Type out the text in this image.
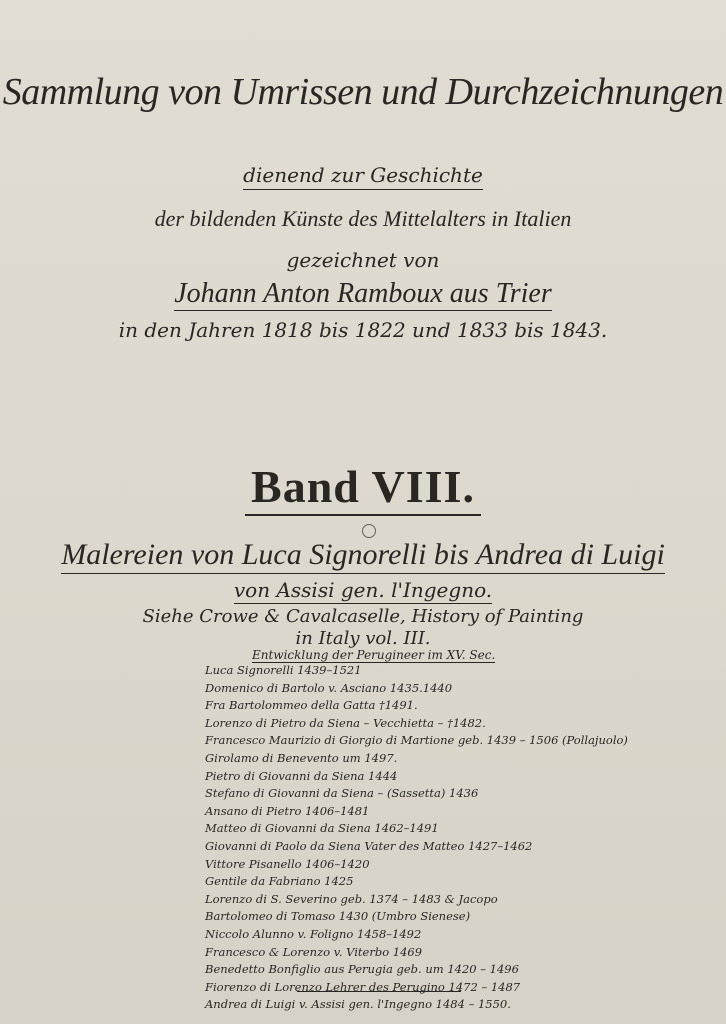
Sammlung von Umrissen und Durchzeichnungen
dienend zur Geschichte
der bildenden Künste des Mittelalters in Italien
gezeichnet von
Johann Anton Ramboux aus Trier
in den Jahren 1818 bis 1822 und 1833 bis 1843.
Band VIII.
Malereien von Luca Signorelli bis Andrea di Luigi
von Assisi gen. l'Ingegno.
Siehe Crowe & Cavalcaselle, History of Painting
in Italy vol. III.
Entwicklung der Perugineer im XV. Sec.
Luca Signorelli 1439–1521
Domenico di Bartolo v. Asciano 1435.1440
Fra Bartolommeo della Gatta †1491.
Lorenzo di Pietro da Siena – Vecchietta – †1482.
Francesco Maurizio di Giorgio di Martione geb. 1439 – 1506 (Pollajuolo)
Girolamo di Benevento um 1497.
Pietro di Giovanni da Siena 1444
Stefano di Giovanni da Siena – (Sassetta) 1436
Ansano di Pietro 1406–1481
Matteo di Giovanni da Siena 1462–1491
Giovanni di Paolo da Siena Vater des Matteo 1427–1462
Vittore Pisanello 1406–1420
Gentile da Fabriano 1425
Lorenzo di S. Severino geb. 1374 – 1483 & Jacopo
Bartolomeo di Tomaso 1430 (Umbro Sienese)
Niccolo Alunno v. Foligno 1458–1492
Francesco & Lorenzo v. Viterbo 1469
Benedetto Bonfiglio aus Perugia geb. um 1420 – 1496
Fiorenzo di Lorenzo Lehrer des Perugino 1472 – 1487
Andrea di Luigi v. Assisi gen. l'Ingegno 1484 – 1550.
